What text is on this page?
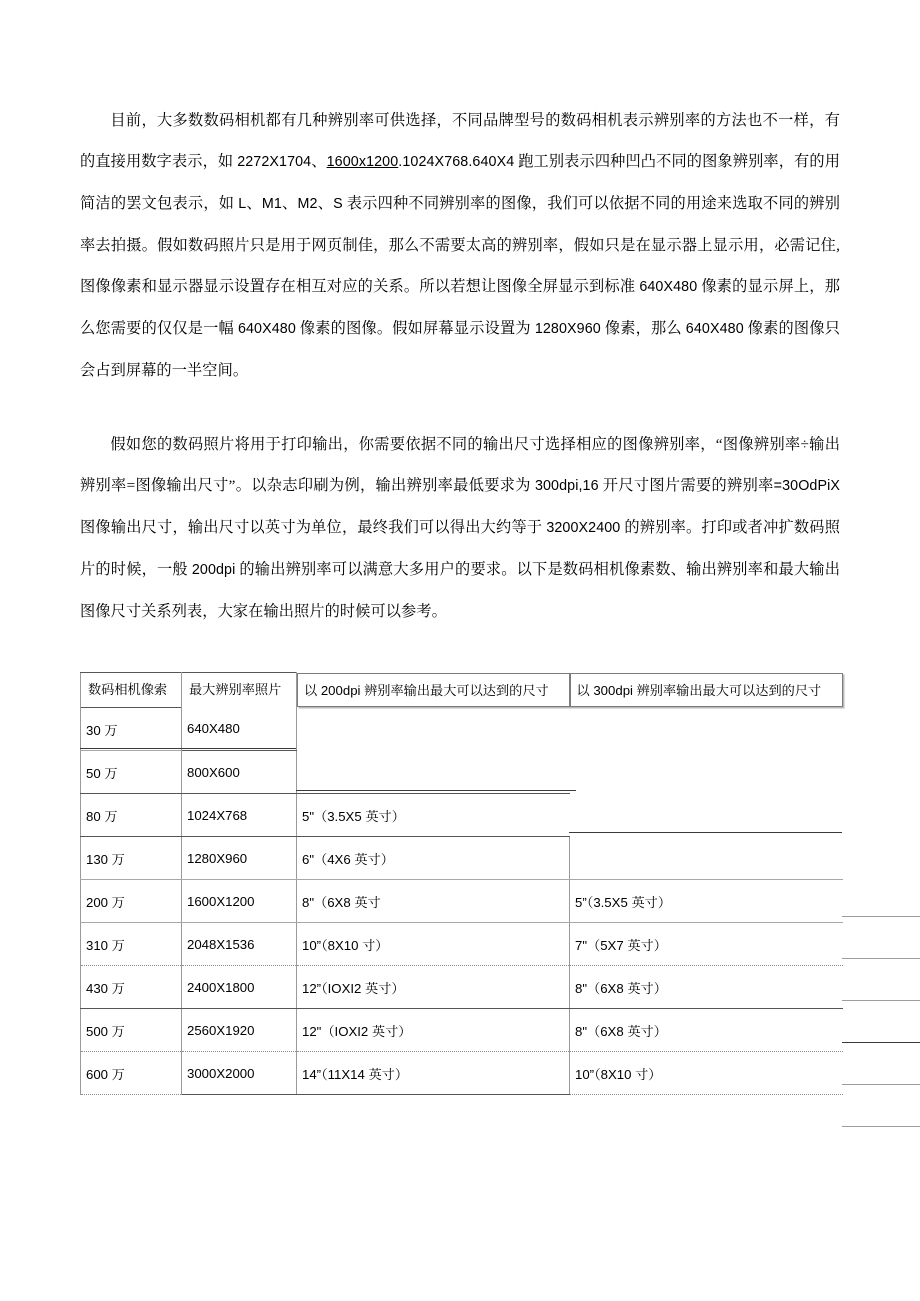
目前，大多数数码相机都有几种辨别率可供选择，不同品牌型号的数码相机表示辨别率的方法也不一样，有的直接用数字表示，如 2272X1704、1600x1200.1024X768.640X4 跑工别表示四种凹凸不同的图象辨别率，有的用简洁的罢文包表示，如 L、M1、M2、S 表示四种不同辨别率的图像，我们可以依据不同的用途来选取不同的辨别率去拍摄。假如数码照片只是用于网页制佳，那么不需要太高的辨别率，假如只是在显示器上显示用，必需记住,图像像素和显示器显示设置存在相互对应的关系。所以若想让图像全屏显示到标准 640X480 像素的显示屏上，那么您需要的仅仅是一幅 640X480 像素的图像。假如屏幕显示设置为 1280X960 像素，那么 640X480 像素的图像只会占到屏幕的一半空间。

假如您的数码照片将用于打印输出，你需要依据不同的输出尺寸选择相应的图像辨别率，“图像辨别率÷输出辨别率=图像输出尺寸”。以杂志印刷为例，输出辨别率最低要求为 300dpi,16 开尺寸图片需要的辨别率=30OdPiX 图像输出尺寸，输出尺寸以英寸为单位，最终我们可以得出大约等于 3200X2400 的辨别率。打印或者冲扩数码照片的时候，一般 200dpi 的输出辨别率可以满意大多用户的要求。以下是数码相机像素数、输出辨别率和最大输出图像尺寸关系列表，大家在输出照片的时候可以参考。

数码相机像索	最大辨别率照片	以 200dpi 辨别率输出最大可以达到的尺寸	以 300dpi 辨别率输出最大可以达到的尺寸

30 万	640X480		
50 万	800X600		
80 万	1024X768	5"（3.5X5 英寸）	
130 万	1280X960	6"（4X6 英寸）	
200 万	1600X1200	8"（6X8 英寸	5”（3.5X5 英寸）
310 万	2048X1536	10”（8X10 寸）	7"（5X7 英寸）
430 万	2400X1800	12”（IOXI2 英寸）	8"（6X8 英寸）
500 万	2560X1920	12"（IOXI2 英寸）	8"（6X8 英寸）
600 万	3000X2000	14”（11X14 英寸）	10”（8X10 寸）
